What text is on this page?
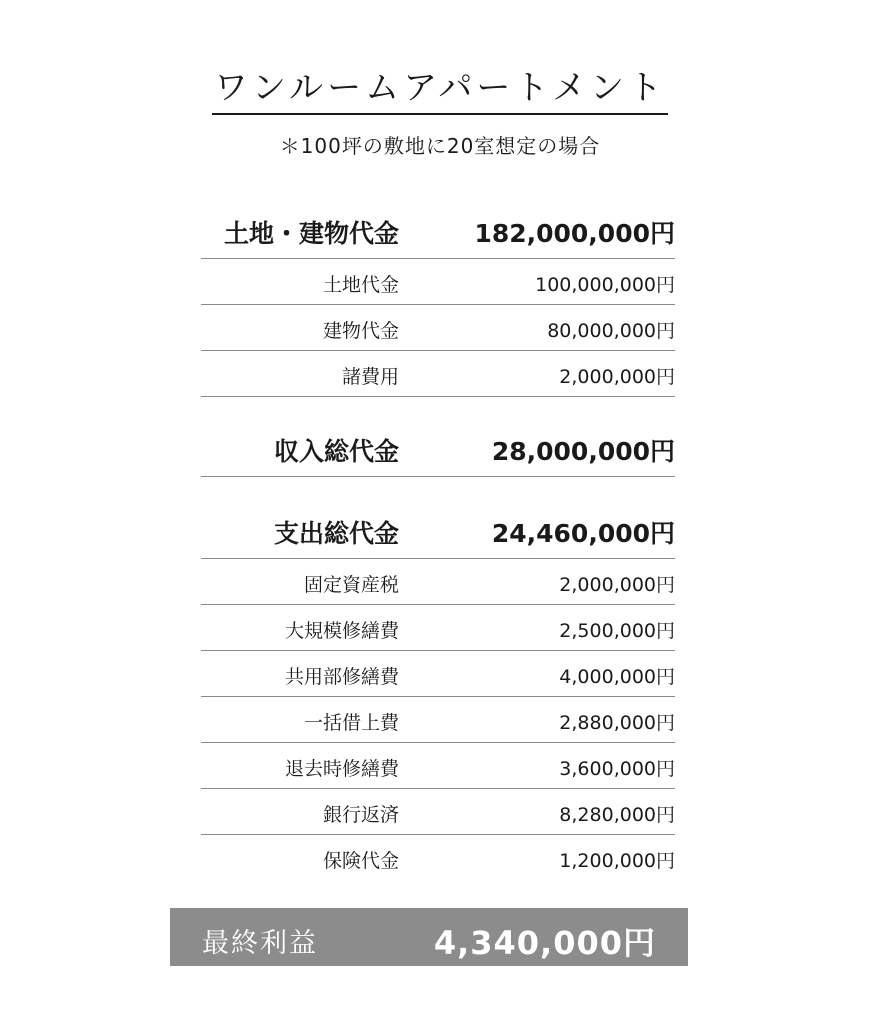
ワンルームアパートメント
＊100坪の敷地に20室想定の場合
土地・建物代金	182,000,000円
土地代金	100,000,000円
建物代金	80,000,000円
諸費用	2,000,000円
収入総代金	28,000,000円
支出総代金	24,460,000円
固定資産税	2,000,000円
大規模修繕費	2,500,000円
共用部修繕費	4,000,000円
一括借上費	2,880,000円
退去時修繕費	3,600,000円
銀行返済	8,280,000円
保険代金	1,200,000円
最終利益	4,340,000円
